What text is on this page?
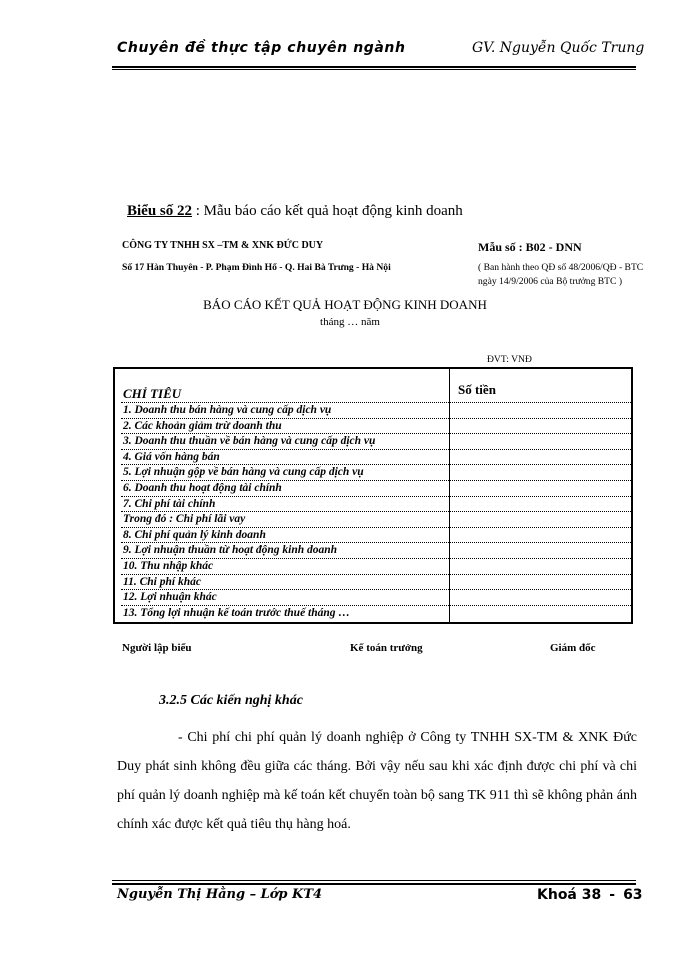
Chuyên đề thực tập chuyên ngành	GV. Nguyễn Quốc Trung
Biểu số 22 : Mẫu báo cáo kết quả hoạt động kinh doanh
CÔNG TY TNHH SX –TM & XNK ĐỨC DUY
Số 17 Hàn Thuyên - P. Phạm Đình Hổ - Q. Hai Bà Trưng - Hà Nội
Mẫu số : B02 - DNN
( Ban hành theo QĐ số 48/2006/QĐ - BTC
ngày 14/9/2006 của Bộ trưởng BTC )
BÁO CÁO KẾT QUẢ HOẠT ĐỘNG KINH DOANH
tháng … năm
ĐVT: VNĐ
CHỈ TIÊU	Số tiền
1. Doanh thu bán hàng và cung cấp dịch vụ
2. Các khoản giảm trừ doanh thu
3. Doanh thu thuần về bán hàng và cung cấp dịch vụ
4. Giá vốn hàng bán
5. Lợi nhuận gộp về bán hàng và cung cấp dịch vụ
6. Doanh thu hoạt động tài chính
7. Chi phí tài chính
Trong đó : Chi phí lãi vay
8. Chi phí quản lý kinh doanh
9. Lợi nhuận thuần từ hoạt động kinh doanh
10. Thu nhập khác
11. Chi phí khác
12. Lợi nhuận khác
13. Tổng lợi nhuận kế toán trước thuế tháng …
Người lập biểu	Kế toán trưởng	Giám đốc
3.2.5 Các kiến nghị khác
- Chi phí chi phí quản lý doanh nghiệp ở Công ty TNHH SX-TM & XNK Đức Duy phát sinh không đều giữa các tháng. Bởi vậy nếu sau khi xác định được chi phí và chi phí quản lý doanh nghiệp mà kế toán kết chuyển toàn bộ sang TK 911 thì sẽ không phản ánh chính xác được kết quả tiêu thụ hàng hoá.
Nguyễn Thị Hằng – Lớp KT4	Khoá 38 - 63
